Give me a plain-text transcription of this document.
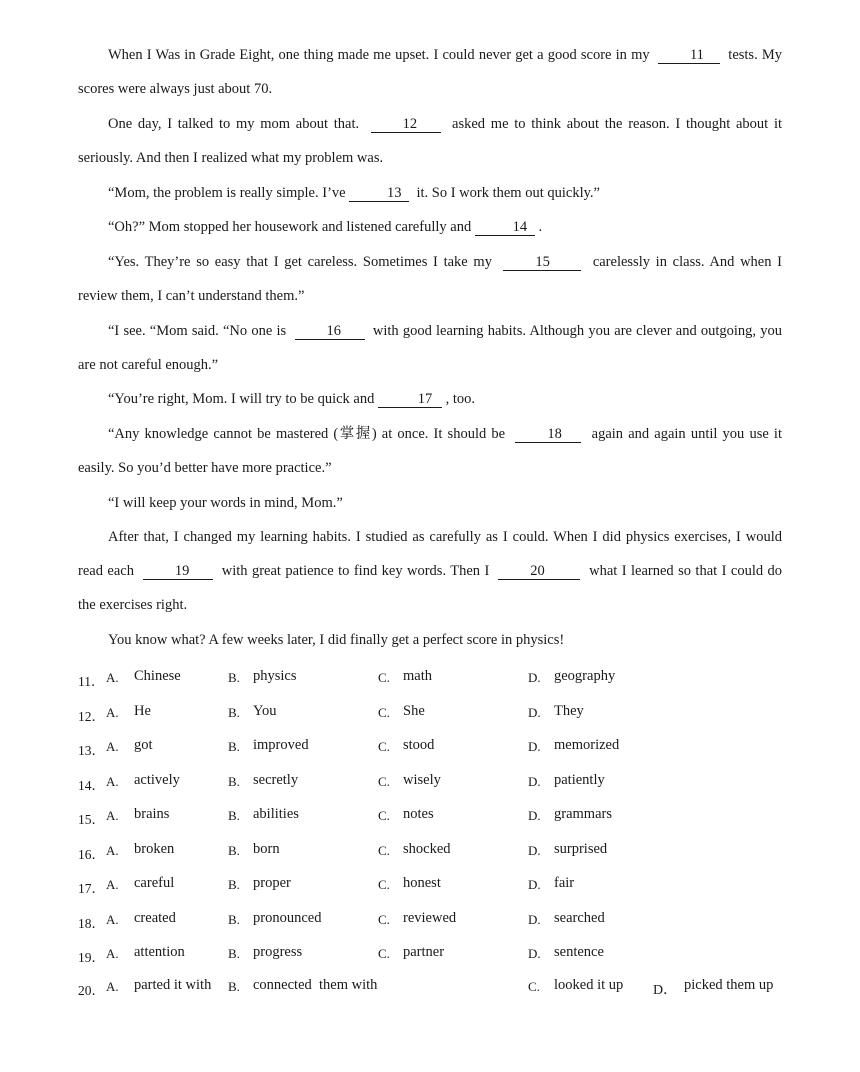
When I Was in Grade Eight, one thing made me upset. I could never get a good score in my	11 tests. My scores were always just about 70.

One day, I talked to my mom about that.	12 asked me to think about the reason. I thought about it seriously. And then I realized what my problem was.

“Mom, the problem is really simple. I’ve	13 it. So I work them out quickly.”

“Oh?” Mom stopped her housework and listened carefully and	14 .

“Yes. They’re so easy that I get careless. Sometimes I take my	15	carelessly in class. And when I review them, I can’t understand them.”

“I see. “Mom said. “No one is	16 with good learning habits. Although you are clever and outgoing, you are not careful enough.”

“You’re right, Mom. I will try to be quick and	17 , too.

“Any knowledge cannot be mastered (掌握) at once. It should be	18 again and again until you use it easily. So you’d better have more practice.”

“I will keep your words in mind, Mom.”

After that, I changed my learning habits. I studied as carefully as I could. When I did physics exercises, I would read each	19 with great patience to find key words. Then I	20	what I learned so that I could do the exercises right.

You know what? A few weeks later, I did finally get a perfect score in physics!

11． A. Chinese	B. physics	C. math	D. geography
12． A. He	B. You	C. She	D. They
13． A. got	B. improved	C. stood	D. memorized
14． A. actively	B. secretly	C. wisely	D. patiently
15． A. brains	B. abilities	C. notes	D. grammars
16． A. broken	B. born	C. shocked	D. surprised
17． A. careful	B. proper	C. honest	D. fair
18． A. created	B. pronounced	C. reviewed	D. searched
19． A. attention	B. progress	C. partner	D. sentence
20． A. parted it with B. connected  them with	C. looked it up D． picked them up
